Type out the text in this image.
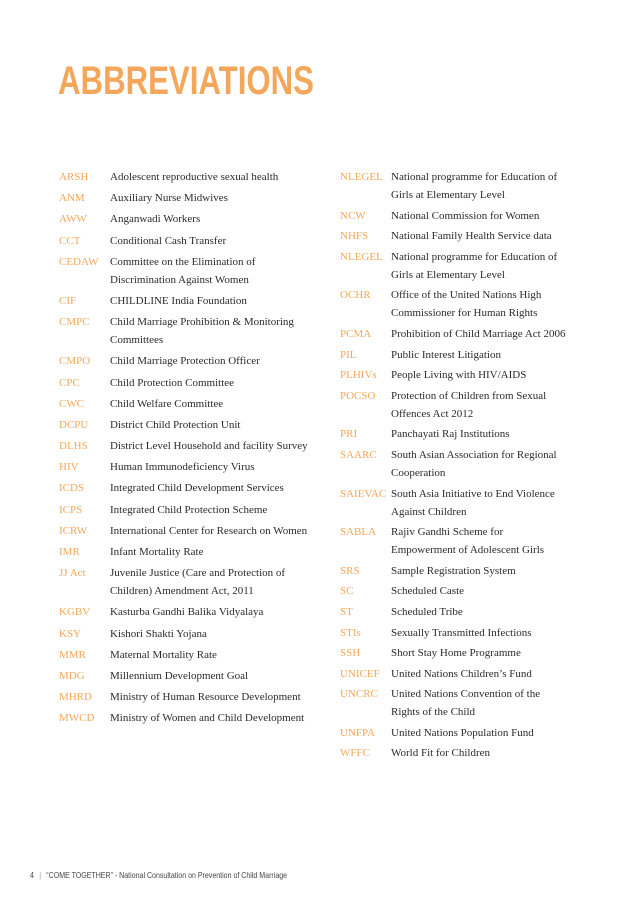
ABBREVIATIONS
ARSH	Adolescent reproductive sexual health
ANM	Auxiliary Nurse Midwives
AWW	Anganwadi Workers
CCT	Conditional Cash Transfer
CEDAW	Committee on the Elimination of Discrimination Against Women
CIF	CHILDLINE India Foundation
CMPC	Child Marriage Prohibition & Monitoring Committees
CMPO	Child Marriage Protection Officer
CPC	Child Protection Committee
CWC	Child Welfare Committee
DCPU	District Child Protection Unit
DLHS	District Level Household and facility Survey
HIV	Human Immunodeficiency Virus
ICDS	Integrated Child Development Services
ICPS	Integrated Child Protection Scheme
ICRW	International Center for Research on Women
IMR	Infant Mortality Rate
JJ Act	Juvenile Justice (Care and Protection of Children) Amendment Act, 2011
KGBV	Kasturba Gandhi Balika Vidyalaya
KSY	Kishori Shakti Yojana
MMR	Maternal Mortality Rate
MDG	Millennium Development Goal
MHRD	Ministry of Human Resource Development
MWCD	Ministry of Women and Child Development
NLEGEL National programme for Education of Girls at Elementary Level
NCW	National Commission for Women
NHFS	National Family Health Service data
NLEGEL National programme for Education of Girls at Elementary Level
OCHR	Office of the United Nations High Commissioner for Human Rights
PCMA	Prohibition of Child Marriage Act 2006
PIL	Public Interest Litigation
PLHIVs	People Living with HIV/AIDS
POCSO	Protection of Children from Sexual Offences Act 2012
PRI	Panchayati Raj Institutions
SAARC	South Asian Association for Regional Cooperation
SAIEVAC South Asia Initiative to End Violence Against Children
SABLA	Rajiv Gandhi Scheme for Empowerment of Adolescent Girls
SRS	Sample Registration System
SC	Scheduled Caste
ST	Scheduled Tribe
STIs	Sexually Transmitted Infections
SSH	Short Stay Home Programme
UNICEF	United Nations Children’s Fund
UNCRC	United Nations Convention of the Rights of the Child
UNFPA	United Nations Population Fund
WFFC	World Fit for Children
4 | “COME TOGETHER” - National Consultation on Prevention of Child Marriage
